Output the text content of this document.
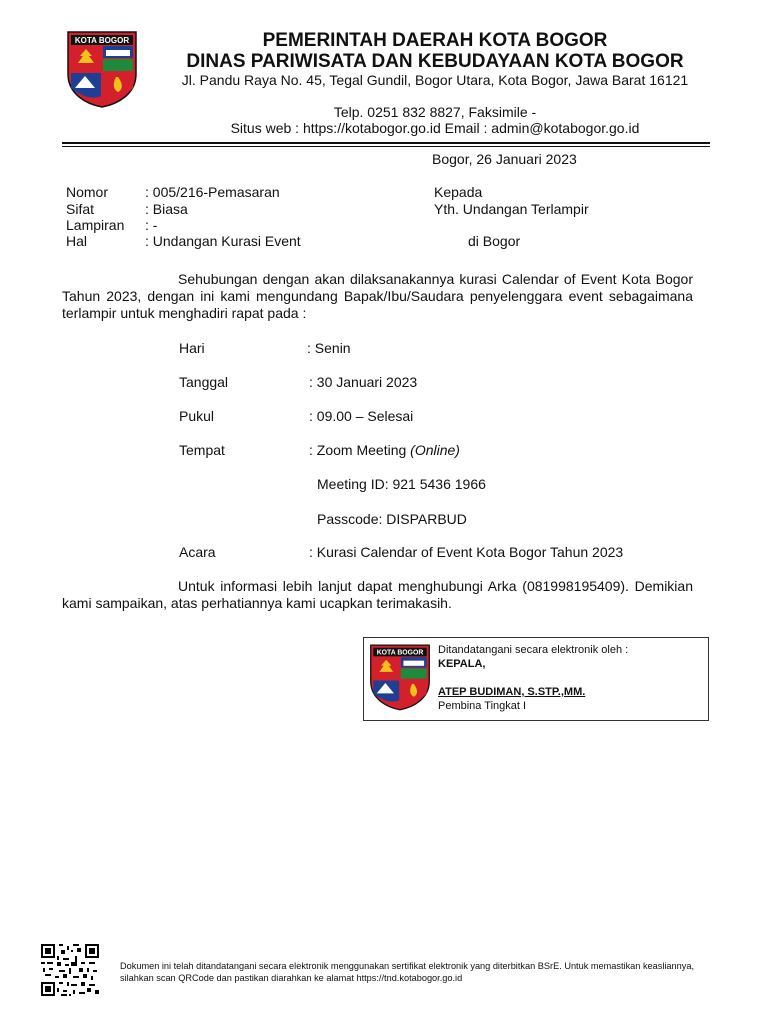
KOTA BOGOR	PEMERINTAH DAERAH KOTA BOGOR
DINAS PARIWISATA DAN KEBUDAYAAN KOTA BOGOR
Jl. Pandu Raya No. 45, Tegal Gundil, Bogor Utara, Kota Bogor, Jawa Barat 16121
Telp. 0251 832 8827, Faksimile -
Situs web : https://kotabogor.go.id Email : admin@kotabogor.go.id
Bogor, 26 Januari 2023
Nomor	: 005/216-Pemasaran
Sifat	: Biasa
Lampiran : -
Hal	: Undangan Kurasi Event
Kepada
Yth. Undangan Terlampir
di Bogor
Sehubungan dengan akan dilaksanakannya kurasi Calendar of Event Kota Bogor Tahun 2023, dengan ini kami mengundang Bapak/Ibu/Saudara penyelenggara event sebagaimana terlampir untuk menghadiri rapat pada :
Hari	: Senin
Tanggal	: 30 Januari 2023
Pukul	: 09.00 – Selesai
Tempat	: Zoom Meeting (Online)
Meeting ID: 921 5436 1966
Passcode: DISPARBUD
Acara	: Kurasi Calendar of Event Kota Bogor Tahun 2023
Untuk informasi lebih lanjut dapat menghubungi Arka (081998195409). Demikian kami sampaikan, atas perhatiannya kami ucapkan terimakasih.
KOTA BOGOR Ditandatangani secara elektronik oleh :
KEPALA,
ATEP BUDIMAN, S.STP.,MM.
Pembina Tingkat I
Dokumen ini telah ditandatangani secara elektronik menggunakan sertifikat elektronik yang diterbitkan BSrE. Untuk memastikan keasliannya, silahkan scan QRCode dan pastikan diarahkan ke alamat https://tnd.kotabogor.go.id
